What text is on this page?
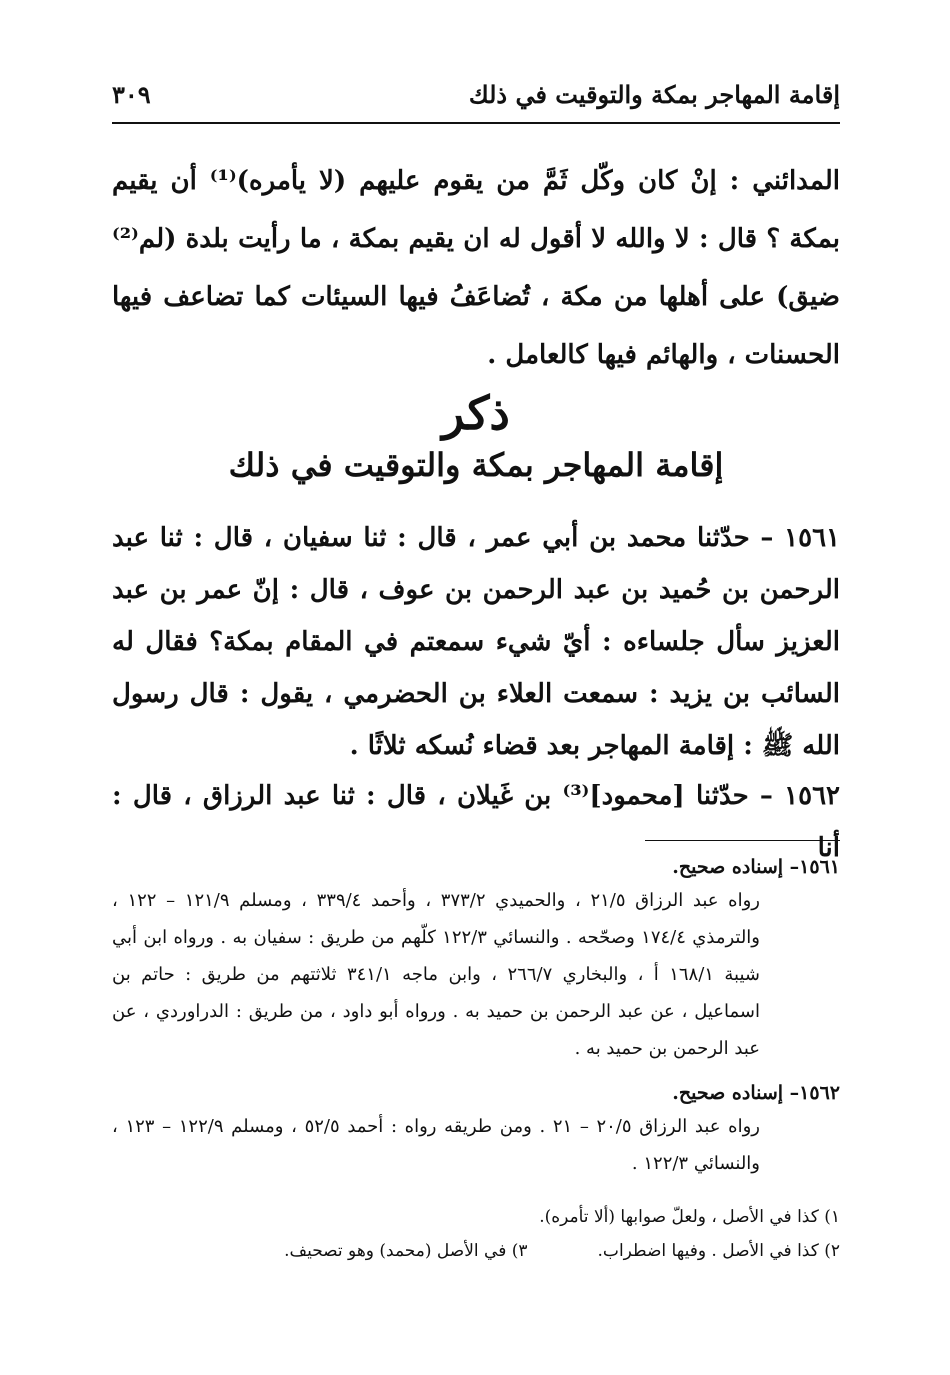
إقامة المهاجر بمكة والتوقيت في ذلك
٣٠٩

المدائني : إنْ كان وكّل ثَمَّ من يقوم عليهم (لا يأمره)⁽¹⁾ أن يقيم بمكة ؟ قال : لا والله لا أقول له ان يقيم بمكة ، ما رأيت بلدة (لم⁽²⁾ ضيق) على أهلها من مكة ، تُضاعَفُ فيها السيئات كما تضاعف فيها الحسنات ، والهائم فيها كالعامل .

ذكر
إقامة المهاجر بمكة والتوقيت في ذلك

١٥٦١ – حدّثنا محمد بن أبي عمر ، قال : ثنا سفيان ، قال : ثنا عبد الرحمن بن حُميد بن عبد الرحمن بن عوف ، قال : إنّ عمر بن عبد العزيز سأل جلساءه : أيّ شيء سمعتم في المقام بمكة؟ فقال له السائب بن يزيد : سمعت العلاء بن الحضرمي ، يقول : قال رسول الله ﷺ : إقامة المهاجر بعد قضاء نُسكه ثلاثًا .

١٥٦٢ – حدّثنا [محمود]⁽³⁾ بن غَيلان ، قال : ثنا عبد الرزاق ، قال : أنا

١٥٦١– إسناده صحيح.
رواه عبد الرزاق ٢١/٥ ، والحميدي ٣٧٣/٢ ، وأحمد ٣٣٩/٤ ، ومسلم ١٢١/٩ – ١٢٢ ، والترمذي ١٧٤/٤ وصحّحه . والنسائي ١٢٢/٣ كلّهم من طريق : سفيان به . ورواه ابن أبي شيبة ١٦٨/١ أ ، والبخاري ٢٦٦/٧ ، وابن ماجه ٣٤١/١ ثلاثتهم من طريق : حاتم بن اسماعيل ، عن عبد الرحمن بن حميد به . ورواه أبو داود ، من طريق : الدراوردي ، عن عبد الرحمن بن حميد به .
١٥٦٢– إسناده صحيح.
رواه عبد الرزاق ٢٠/٥ – ٢١ . ومن طريقه رواه : أحمد ٥٢/٥ ، ومسلم ١٢٢/٩ – ١٢٣ ، والنسائي ١٢٢/٣ .
١) كذا في الأصل ، ولعلّ صوابها (ألا تأمره).
٢) كذا في الأصل . وفيها اضطراب.
٣) في الأصل (محمد) وهو تصحيف.
